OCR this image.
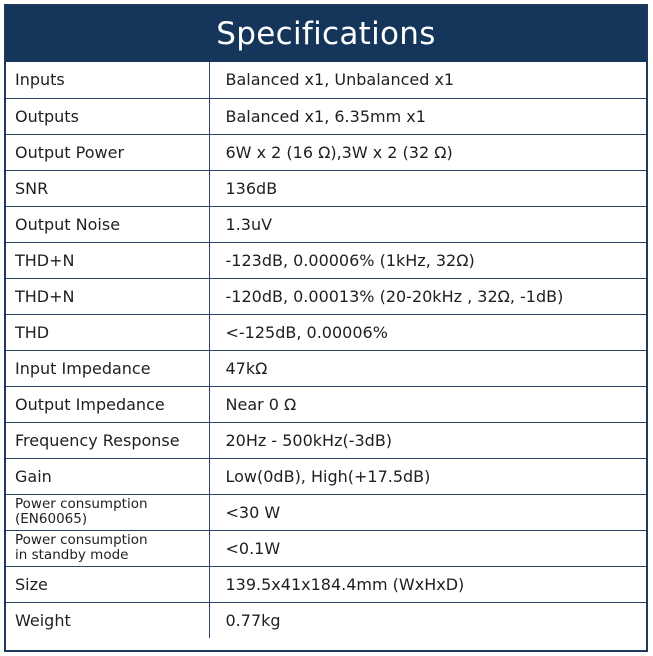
Specifications
Inputs	Balanced x1, Unbalanced x1
Outputs	Balanced x1, 6.35mm x1
Output Power	6W x 2 (16 Ω),3W x 2 (32 Ω)
SNR	136dB
Output Noise	1.3uV
THD+N	-123dB, 0.00006% (1kHz, 32Ω)
THD+N	-120dB, 0.00013% (20-20kHz , 32Ω, -1dB)
THD	<-125dB, 0.00006%
Input Impedance	47kΩ
Output Impedance	Near 0 Ω
Frequency Response	20Hz - 500kHz(-3dB)
Gain	Low(0dB), High(+17.5dB)

Power consumption
(EN60065)	<30 W

Power consumption
in standby mode	<0.1W
Size	139.5x41x184.4mm (WxHxD)
Weight	0.77kg
